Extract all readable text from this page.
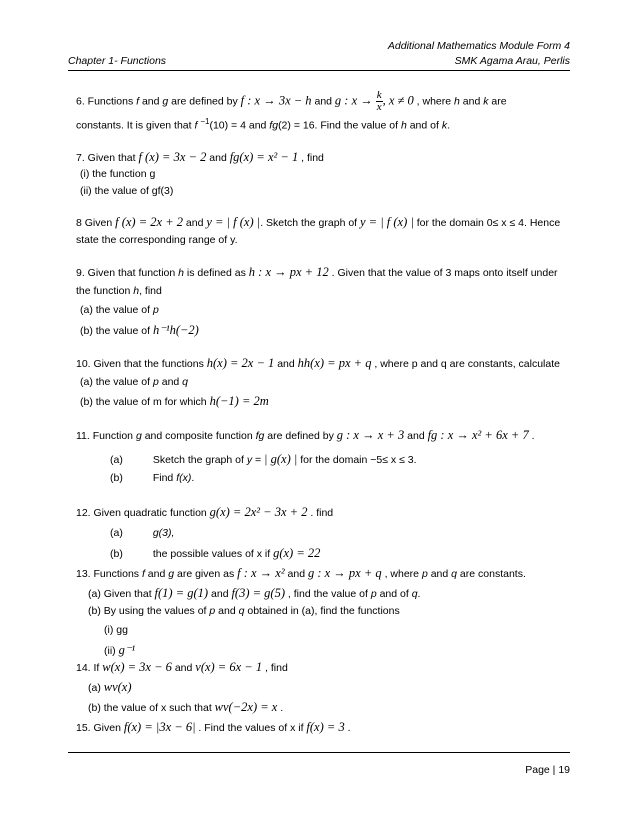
Additional Mathematics Module Form 4
Chapter 1- Functions	SMK Agama Arau, Perlis
6. Functions f and g are defined by f : x → 3x − h and g : $x \to \frac{k}{x}$ , x ≠ 0 , where h and k are
constants. It is given that f $^{-1}$(10) = 4 and fg(2) = 16. Find the value of h and of k.
7. Given that f (x) = 3x − 2 and fg(x) = x² − 1 , find
(i) the function g
(ii) the value of gf(3)
8 Given f (x) = 2x + 2 and y = | f (x) |. Sketch the graph of y = | f (x) | for the domain 0≤ x ≤ 4. Hence
state the corresponding range of y.
9. Given that function h is defined as h : x → px + 12 . Given that the value of 3 maps onto itself under
the function h, find
(a) the value of p
(b) the value of h⁻¹h(−2)
10. Given that the functions h(x) = 2x − 1 and hh(x) = px + q , where p and q are constants, calculate
(a) the value of p and q
(b) the value of m for which h(−1) = 2m
11. Function g and composite function fg are defined by g : x → x + 3 and fg : x → x² + 6x + 7 .
(a)	Sketch the graph of y = | g(x) | for the domain −5≤ x ≤ 3.
(b)	Find f(x).
12. Given quadratic function g(x) = 2x² − 3x + 2 . find
(a)	g(3),
(b)	the possible values of x if g(x) = 22
13. Functions f and g are given as f : x → x² and g : x → px + q , where p and q are constants.
(a) Given that f(1) = g(1) and f(3) = g(5) , find the value of p and of q.
(b) By using the values of p and q obtained in (a), find the functions
(i) gg
(ii) g⁻¹
14. If w(x) = 3x − 6 and v(x) = 6x − 1 , find
(a) wv(x)
(b) the value of x such that wv(−2x) = x .
15. Given f(x) = |3x − 6| . Find the values of x if f(x) = 3 .
Page | 19
